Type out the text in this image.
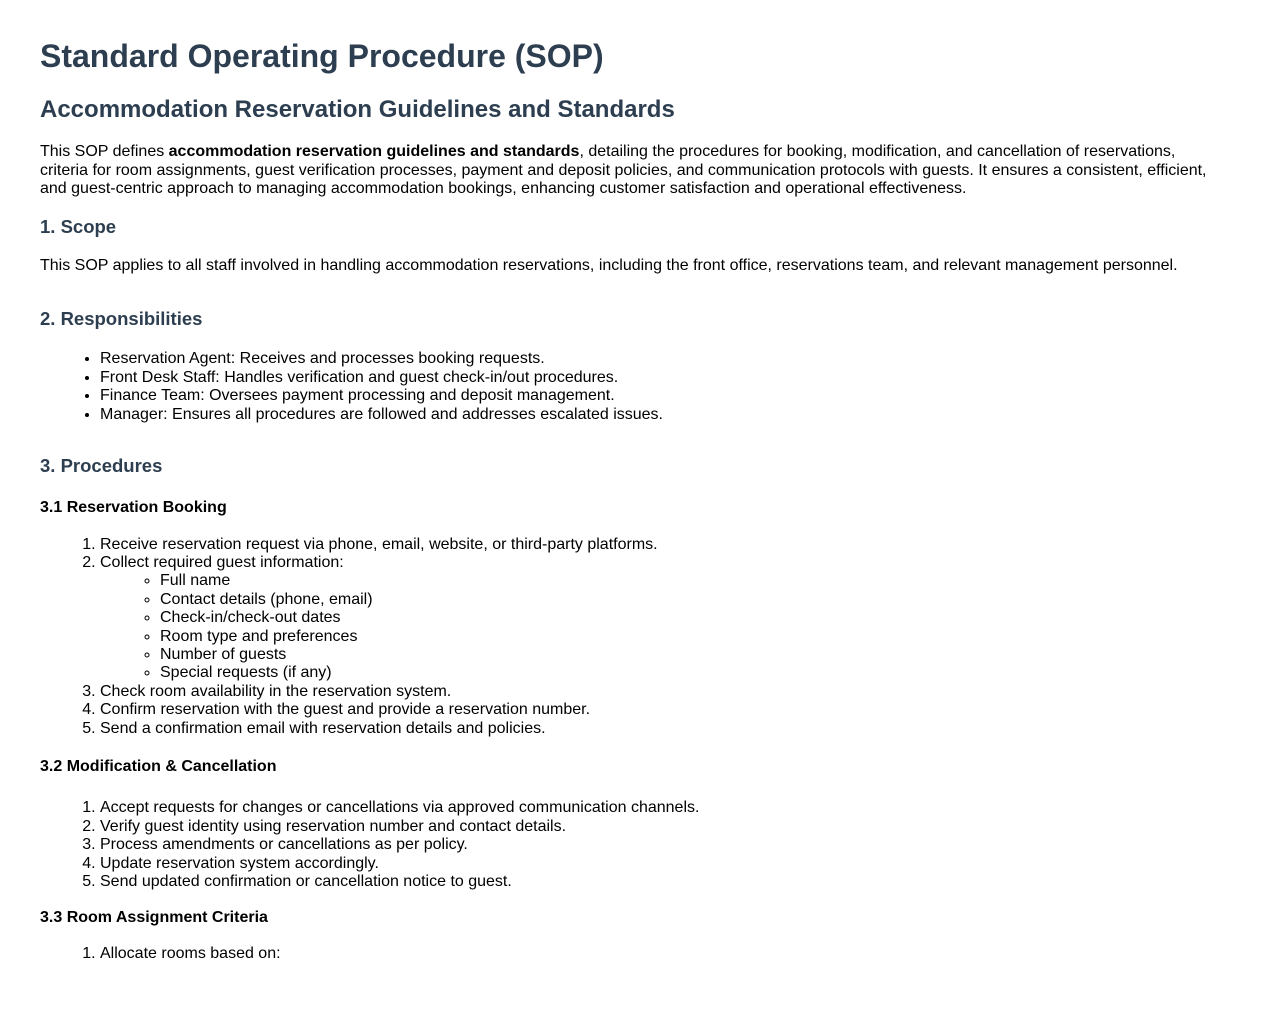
Standard Operating Procedure (SOP)
Accommodation Reservation Guidelines and Standards

This SOP defines accommodation reservation guidelines and standards, detailing the procedures for booking, modification, and cancellation of reservations, criteria for room assignments, guest verification processes, payment and deposit policies, and communication protocols with guests. It ensures a consistent, efficient, and guest-centric approach to managing accommodation bookings, enhancing customer satisfaction and operational effectiveness.

1. Scope

This SOP applies to all staff involved in handling accommodation reservations, including the front office, reservations team, and relevant management personnel.

2. Responsibilities
• Reservation Agent: Receives and processes booking requests.
• Front Desk Staff: Handles verification and guest check-in/out procedures.
• Finance Team: Oversees payment processing and deposit management.
• Manager: Ensures all procedures are followed and addresses escalated issues.
3. Procedures
3.1 Reservation Booking
1. Receive reservation request via phone, email, website, or third-party platforms.
2. Collect required guest information:
◦ Full name
◦ Contact details (phone, email)
◦ Check-in/check-out dates
◦ Room type and preferences
◦ Number of guests
◦ Special requests (if any)
3. Check room availability in the reservation system.
4. Confirm reservation with the guest and provide a reservation number.
5. Send a confirmation email with reservation details and policies.
3.2 Modification & Cancellation
1. Accept requests for changes or cancellations via approved communication channels.
2. Verify guest identity using reservation number and contact details.
3. Process amendments or cancellations as per policy.
4. Update reservation system accordingly.
5. Send updated confirmation or cancellation notice to guest.
3.3 Room Assignment Criteria
1. Allocate rooms based on:
